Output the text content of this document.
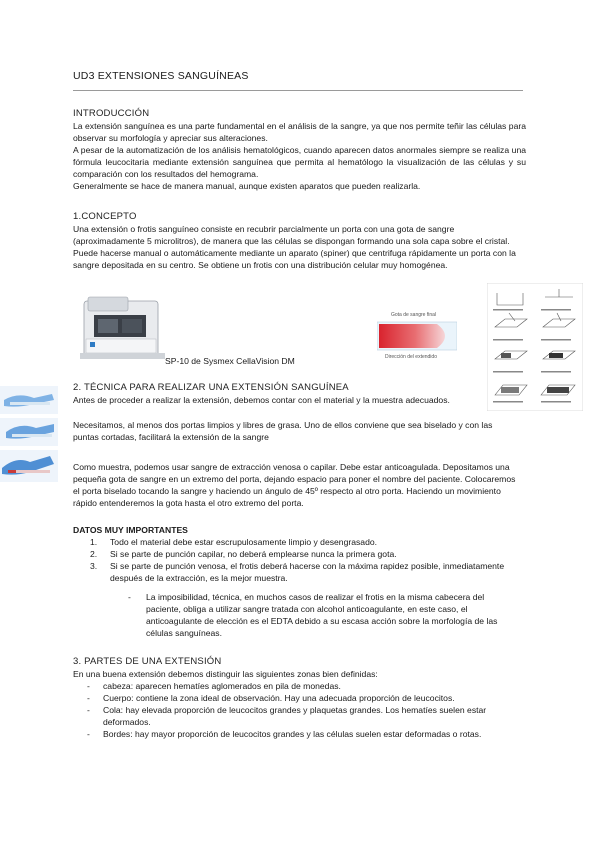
UD3 EXTENSIONES SANGUÍNEAS
INTRODUCCIÓN
La extensión sanguínea es una parte fundamental en el análisis de la sangre, ya que nos permite teñir las células para observar su morfología y apreciar sus alteraciones.
A pesar de la automatización de los análisis hematológicos, cuando aparecen datos anormales siempre se realiza una fórmula leucocitaria mediante extensión sanguínea que permita al hematólogo la visualización de las células y su comparación con los resultados del hemograma.
Generalmente se hace de manera manual, aunque existen aparatos que pueden realizarla.
1.CONCEPTO
Una extensión o frotis sanguíneo consiste en recubrir parcialmente un porta con una gota de sangre (aproximadamente 5 microlitros), de manera que las células se dispongan formando una sola capa sobre el cristal. Puede hacerse manual o automáticamente mediante un aparato (spiner) que centrifuga rápidamente un porta con la sangre depositada en su centro. Se obtiene un frotis con una distribución celular muy homogénea.
Gota de sangre final
Dirección del extendido
SP-10 de Sysmex CellaVision DM
2. TÉCNICA PARA REALIZAR UNA EXTENSIÓN SANGUÍNEA
Antes de proceder a realizar la extensión, debemos contar con el material y la muestra adecuados.
Necesitamos, al menos dos portas limpios y libres de grasa. Uno de ellos conviene que sea biselado y con las puntas cortadas, facilitará la extensión de la sangre
Como muestra, podemos usar sangre de extracción venosa o capilar. Debe estar anticoagulada. Depositamos una pequeña gota de sangre en un extremo del porta, dejando espacio para poner el nombre del paciente. Colocaremos el porta biselado tocando la sangre y haciendo un ángulo de 45º respecto al otro porta. Haciendo un movimiento rápido entenderemos la gota hasta el otro extremo del porta.
DATOS MUY IMPORTANTES
1. Todo el material debe estar escrupulosamente limpio y desengrasado.
2. Si se parte de punción capilar, no deberá emplearse nunca la primera gota.
3. Si se parte de punción venosa, el frotis deberá hacerse con la máxima rapidez posible, inmediatamente después de la extracción, es la mejor muestra.
- La imposibilidad, técnica, en muchos casos de realizar el frotis en la misma cabecera del paciente, obliga a utilizar sangre tratada con alcohol anticoagulante, en este caso, el anticoagulante de elección es el EDTA debido a su escasa acción sobre la morfología de las células sanguíneas.
3. PARTES DE UNA EXTENSIÓN
En una buena extensión debemos distinguir las siguientes zonas bien definidas:
- cabeza: aparecen hematíes aglomerados en pila de monedas.
- Cuerpo: contiene la zona ideal de observación. Hay una adecuada proporción de leucocitos.
- Cola: hay elevada proporción de leucocitos grandes y plaquetas grandes. Los hematíes suelen estar deformados.
- Bordes: hay mayor proporción de leucocitos grandes y las células suelen estar deformadas o rotas.
